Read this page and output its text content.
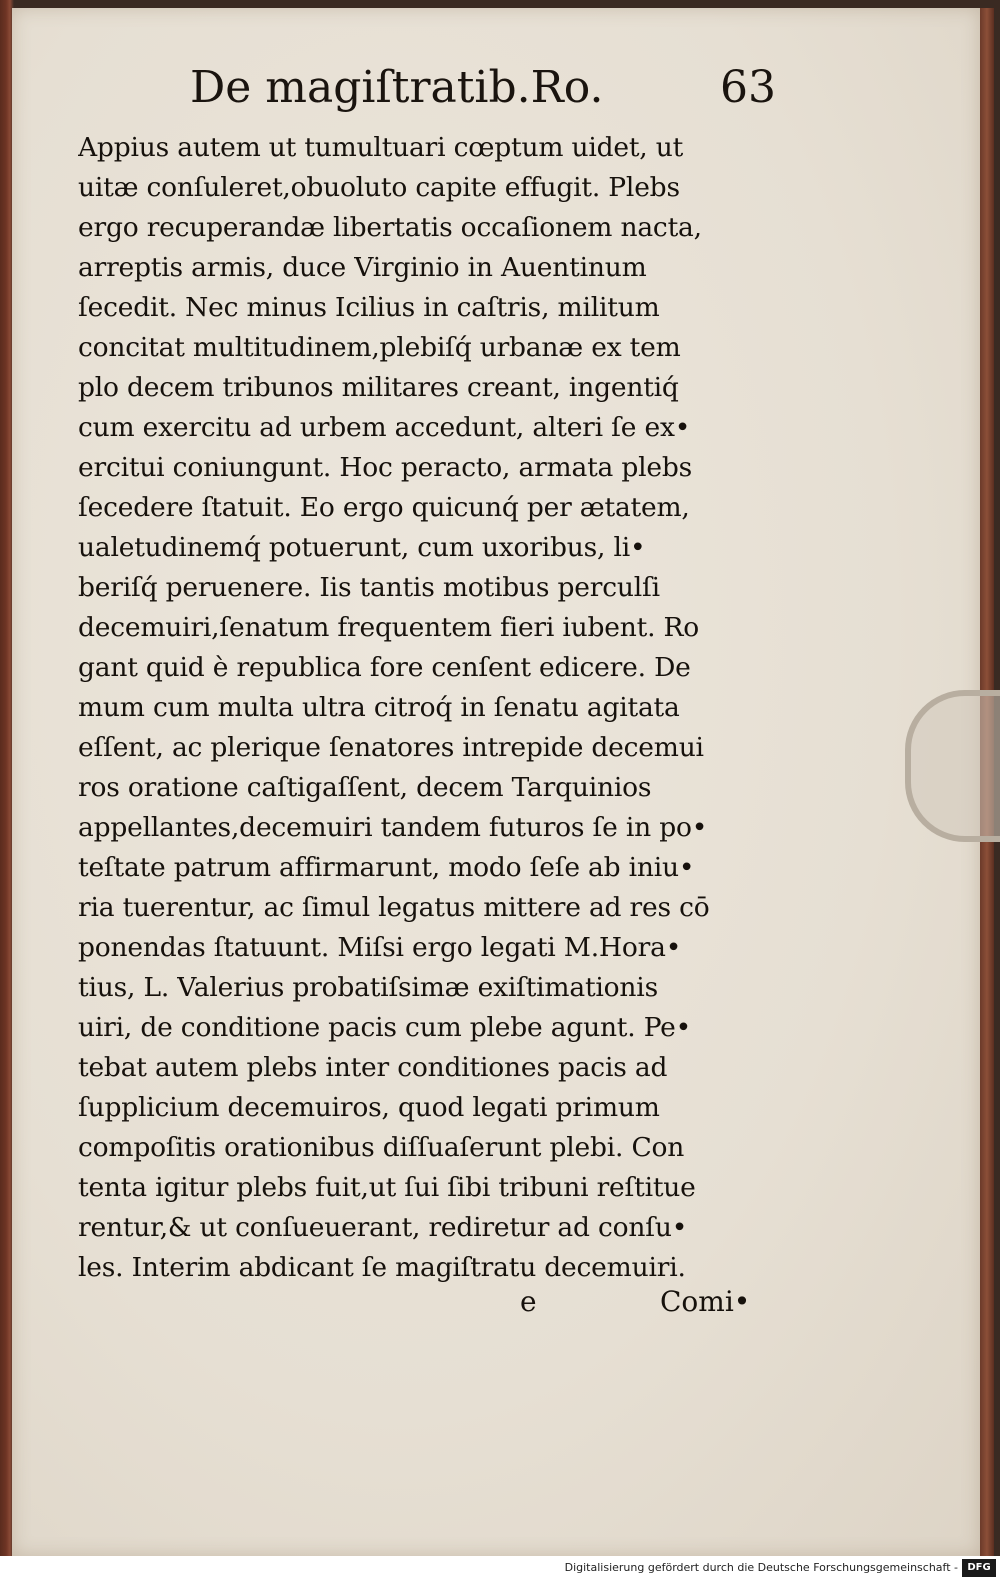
De magiſtratib.Ro.	63
Appius autem ut tumultuari cœptum uidet, ut
uitæ conſuleret,obuoluto capite effugit. Plebs
ergo recuperandæ libertatis occaſionem nacta,
arreptis armis, duce Virginio in Auentinum
ſecedit. Nec minus Icilius in caſtris, militum
concitat multitudinem,plebiſq́ urbanæ ex tem
plo decem tribunos militares creant, ingentiq́
cum exercitu ad urbem accedunt, alteri ſe ex•
ercitui coniungunt. Hoc peracto, armata plebs
ſecedere ſtatuit. Eo ergo quicunq́ per ætatem,
ualetudinemq́ potuerunt, cum uxoribus, li•
beriſq́ peruenere. Iis tantis motibus perculſi
decemuiri,ſenatum frequentem fieri iubent. Ro
gant quid è republica fore cenſent edicere. De
mum cum multa ultra citroq́ in ſenatu agitata
eſſent, ac plerique ſenatores intrepide decemui
ros oratione caſtigaſſent, decem Tarquinios
appellantes,decemuiri tandem futuros ſe in po•
teſtate patrum affirmarunt, modo ſeſe ab iniu•
ria tuerentur, ac ſimul legatus mittere ad res cō
ponendas ſtatuunt. Miſsi ergo legati M.Hora•
tius, L. Valerius probatiſsimæ exiſtimationis
uiri, de conditione pacis cum plebe agunt. Pe•
tebat autem plebs inter conditiones pacis ad
ſupplicium decemuiros, quod legati primum
compoſitis orationibus diſſuaſerunt plebi. Con
tenta igitur plebs fuit,ut ſui ſibi tribuni reſtitue
rentur,& ut conſueuerant, rediretur ad conſu•
les. Interim abdicant ſe magiſtratu decemuiri.
e	Comi•
Digitalisierung gefördert durch die Deutsche Forschungsgemeinschaft - DFG
